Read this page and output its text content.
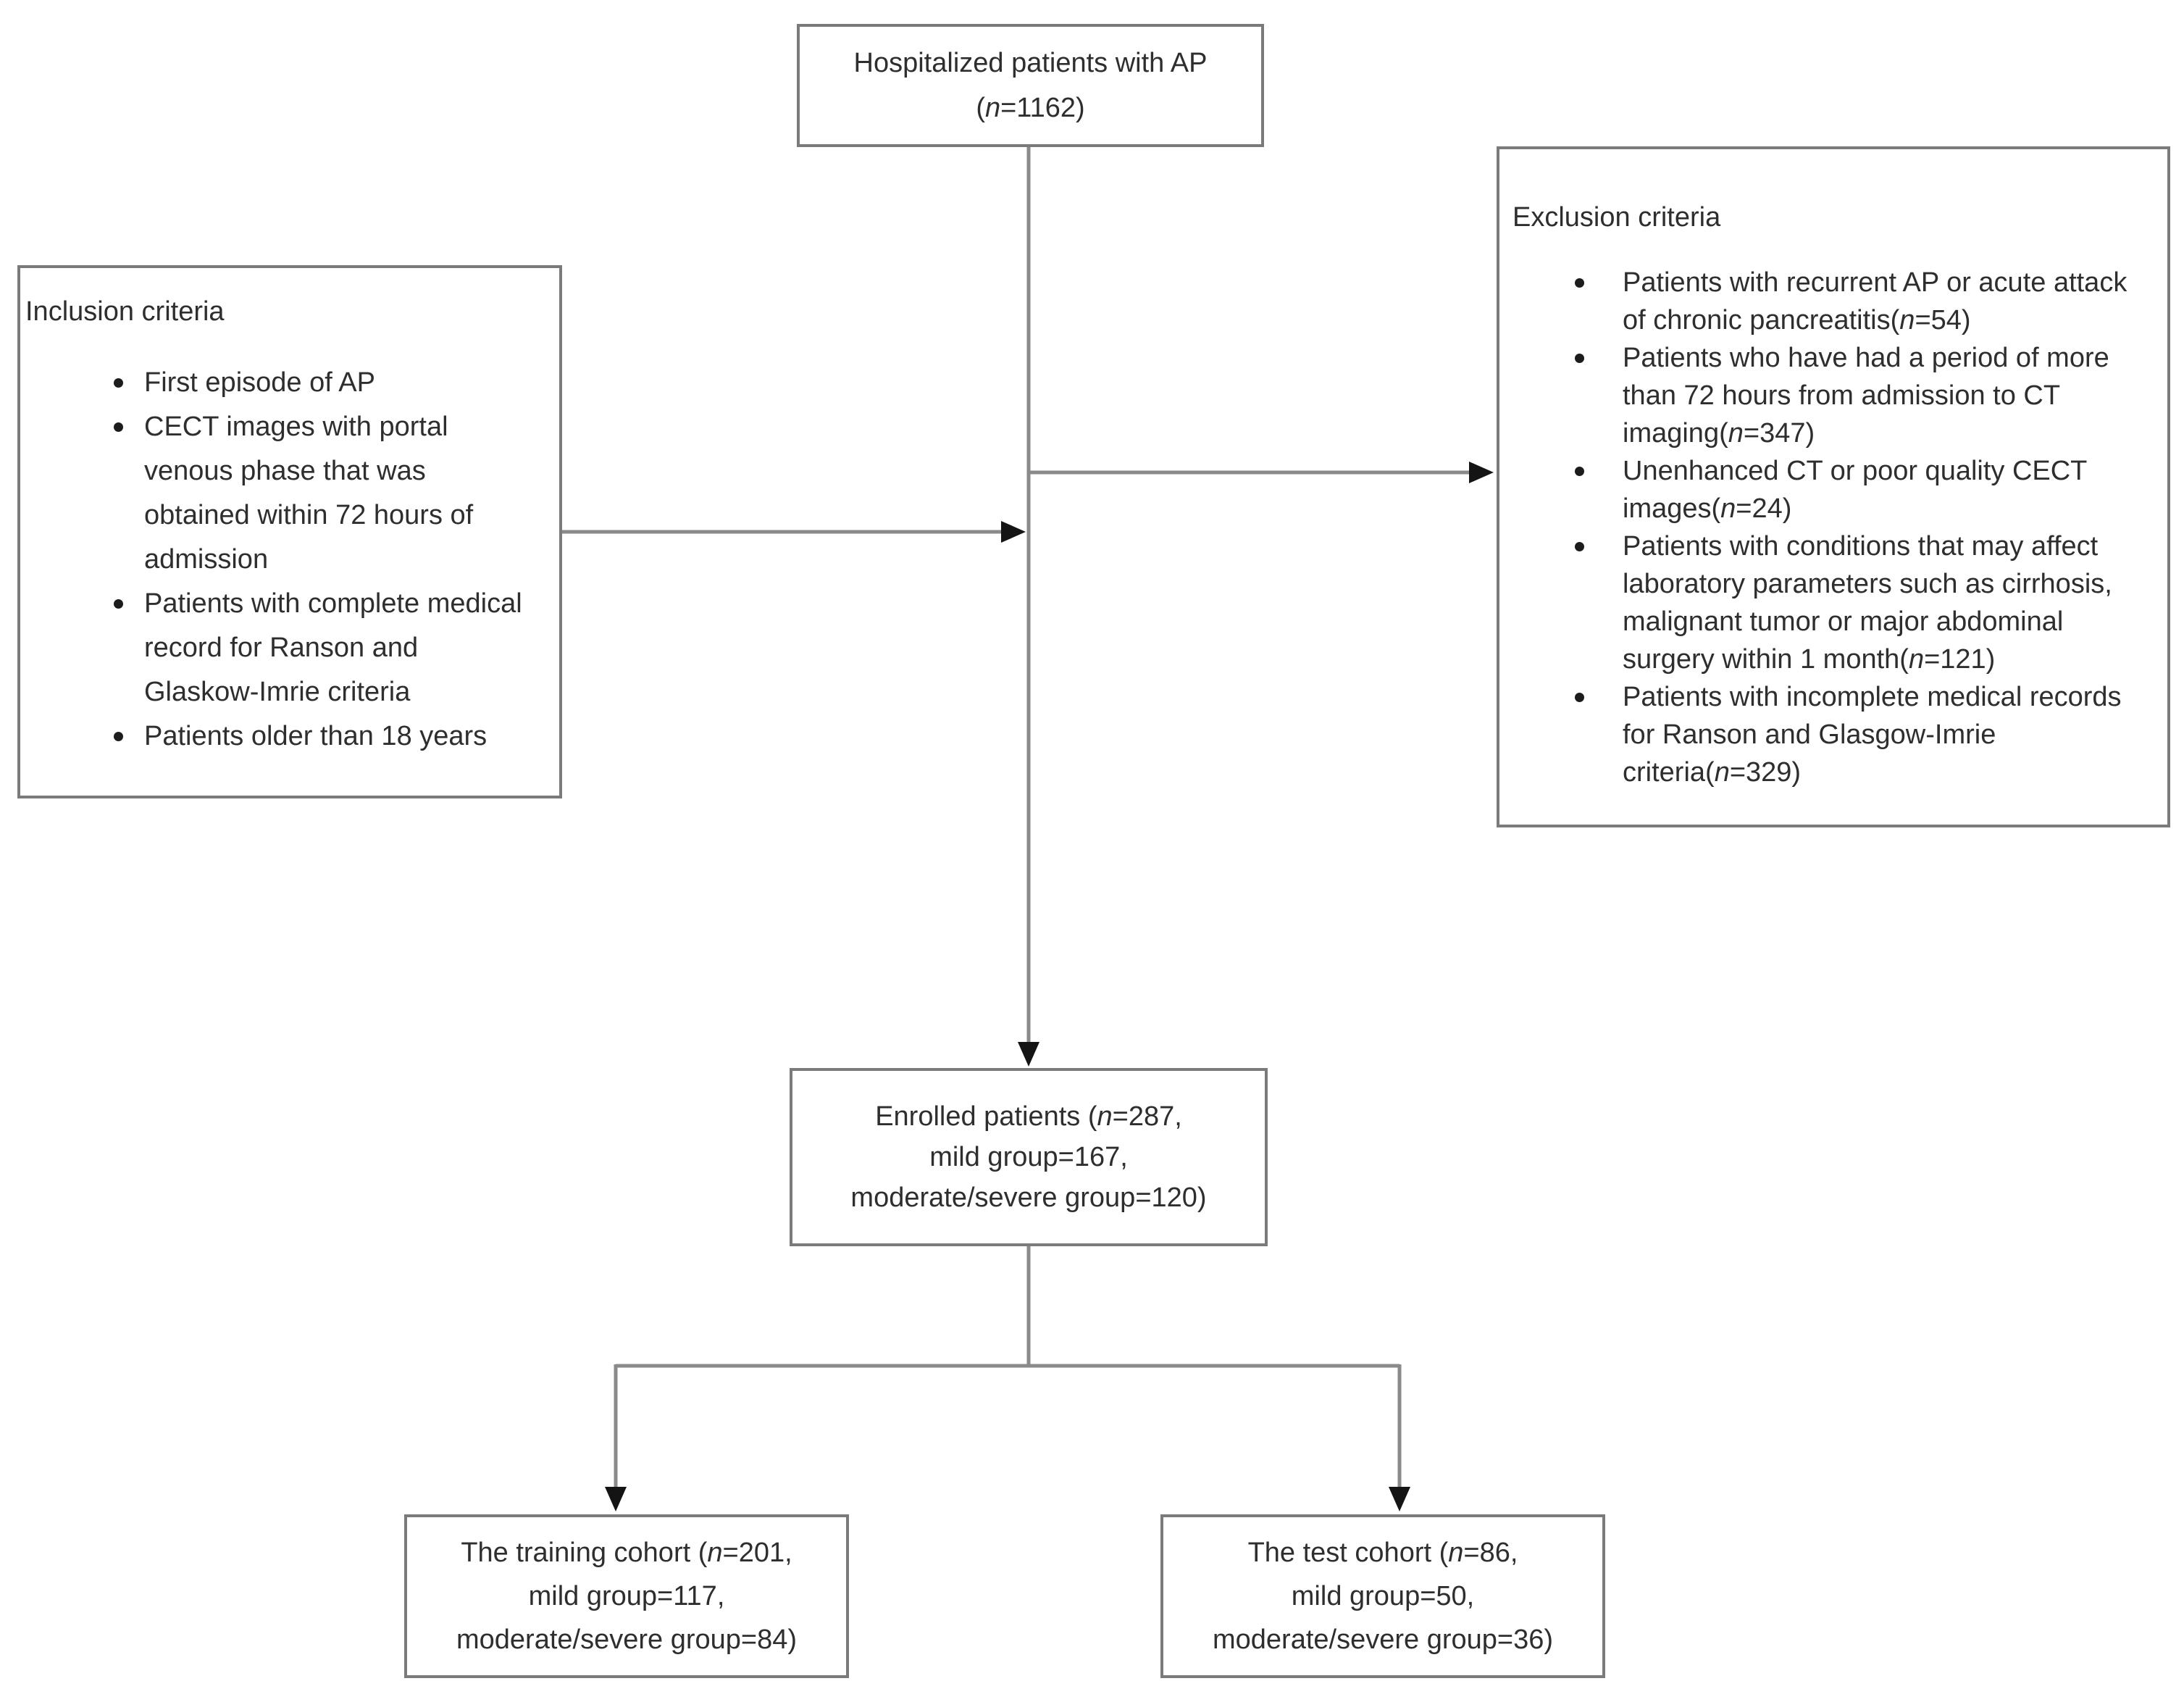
Hospitalized patients with AP
(n=1162)
Inclusion criteria
First episode of AP
CECT images with portal venous phase that was obtained within 72 hours of admission
Patients with complete medical record for Ranson and Glaskow-Imrie criteria
Patients older than 18 years
Exclusion criteria
Patients with recurrent AP or acute attack of chronic pancreatitis(n=54)
Patients who have had a period of more than 72 hours from admission to CT imaging(n=347)
Unenhanced CT or poor quality CECT images(n=24)
Patients with conditions that may affect laboratory parameters such as cirrhosis, malignant tumor or major abdominal surgery within 1 month(n=121)
Patients with incomplete medical records for Ranson and Glasgow-Imrie criteria(n=329)
Enrolled patients (n=287,
mild group=167,
moderate/severe group=120)
The training cohort (n=201,
mild group=117,
moderate/severe group=84)
The test cohort (n=86,
mild group=50,
moderate/severe group=36)
